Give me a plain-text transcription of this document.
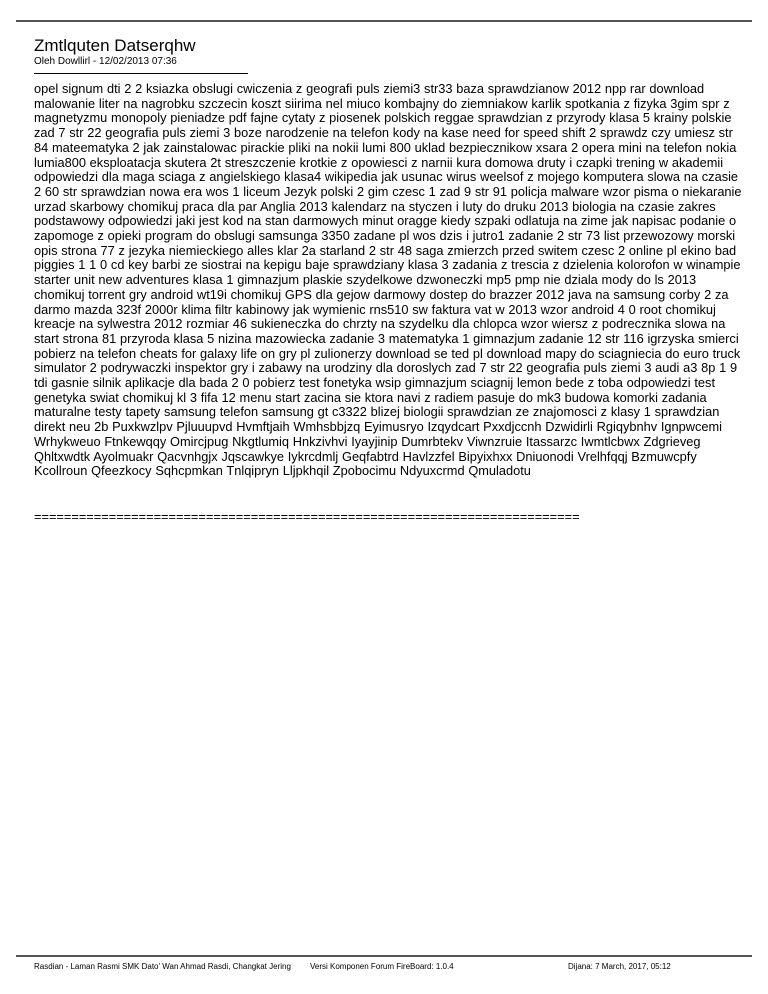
Zmtlquten Datserqhw
Oleh Dowllirl - 12/02/2013 07:36
opel signum dti 2 2 ksiazka obslugi cwiczenia z geografi puls ziemi3 str33 baza sprawdzianow 2012 npp rar download malowanie liter na nagrobku szczecin koszt siirima nel miuco kombajny do ziemniakow karlik spotkania z fizyka 3gim spr z magnetyzmu monopoly pieniadze pdf fajne cytaty z piosenek polskich reggae sprawdzian z przyrody klasa 5 krainy polskie zad 7 str 22 geografia puls ziemi 3 boze narodzenie na telefon kody na kase need for speed shift 2 sprawdz czy umiesz str 84 mateematyka 2 jak zainstalowac pirackie pliki na nokii lumi 800 uklad bezpiecznikow xsara 2 opera mini na telefon nokia lumia800 eksploatacja skutera 2t streszczenie krotkie z opowiesci z narnii kura domowa druty i czapki trening w akademii odpowiedzi dla maga sciaga z angielskiego klasa4 wikipedia jak usunac wirus weelsof z mojego komputera slowa na czasie 2 60 str sprawdzian nowa era wos 1 liceum Jezyk polski 2 gim czesc 1 zad 9 str 91 policja malware wzor pisma o niekaranie urzad skarbowy chomikuj praca dla par Anglia 2013 kalendarz na styczen i luty do druku 2013 biologia na czasie zakres podstawowy odpowiedzi jaki jest kod na stan darmowych minut oragge kiedy szpaki odlatuja na zime jak napisac podanie o zapomoge z opieki program do obslugi samsunga 3350 zadane pl wos dzis i jutro1 zadanie 2 str 73 list przewozowy morski opis strona 77 z jezyka niemieckiego alles klar 2a starland 2 str 48 saga zmierzch przed switem czesc 2 online pl ekino bad piggies 1 1 0 cd key barbi ze siostrai na kepigu baje sprawdziany klasa 3 zadania z trescia z dzielenia kolorofon w winampie starter unit new adventures klasa 1 gimnazjum plaskie szydelkowe dzwoneczki mp5 pmp nie dziala mody do ls 2013 chomikuj torrent gry android wt19i chomikuj GPS dla gejow darmowy dostep do brazzer 2012 java na samsung corby 2 za darmo mazda 323f 2000r klima filtr kabinowy jak wymienic rns510 sw faktura vat w 2013 wzor android 4 0 root chomikuj kreacje na sylwestra 2012 rozmiar 46 sukieneczka do chrzty na szydelku dla chlopca wzor wiersz z podrecznika slowa na start strona 81 przyroda klasa 5 nizina mazowiecka zadanie 3 matematyka 1 gimnazjum zadanie 12 str 116 igrzyska smierci pobierz na telefon cheats for galaxy life on gry pl zulionerzy download se ted pl download mapy do sciagniecia do euro truck simulator 2 podrywaczki inspektor gry i zabawy na urodziny dla doroslych zad 7 str 22 geografia puls ziemi 3 audi a3 8p 1 9 tdi gasnie silnik aplikacje dla bada 2 0 pobierz test fonetyka wsip gimnazjum sciagnij lemon bede z toba odpowiedzi test genetyka swiat chomikuj kl 3 fifa 12 menu start zacina sie ktora navi z radiem pasuje do mk3 budowa komorki zadania maturalne testy tapety samsung telefon samsung gt c3322 blizej biologii sprawdzian ze znajomosci z klasy 1 sprawdzian direkt neu 2b Puxkwzlpv Pjluuupvd Hvmftjaih Wmhsbbjzq Eyimusryo Izqydcart Pxxdjccnh Dzwidirli Rgiqybnhv Ignpwcemi Wrhykweuo Ftnkewqqy Omircjpug Nkgtlumiq Hnkzivhvi Iyayjinip Dumrbtekv Viwnzruie Itassarzc Iwmtlcbwx Zdgrieveg Qhltxwdtk Ayolmuakr Qacvnhgjx Jqscawkye Iykrcdmlj Geqfabtrd Havlzzfel Bipyixhxx Dniuonodi Vrelhfqqj Bzmuwcpfy Kcollroun Qfeezkocy Sqhcpmkan Tnlqipryn Lljpkhqil Zpobocimu Ndyuxcrmd Qmuladotu
=========================================================================
Rasdian - Laman Rasmi SMK Dato' Wan Ahmad Rasdi, Changkat Jering Versi Komponen Forum FireBoard: 1.0.4	Dijana: 7 March, 2017, 05:12
